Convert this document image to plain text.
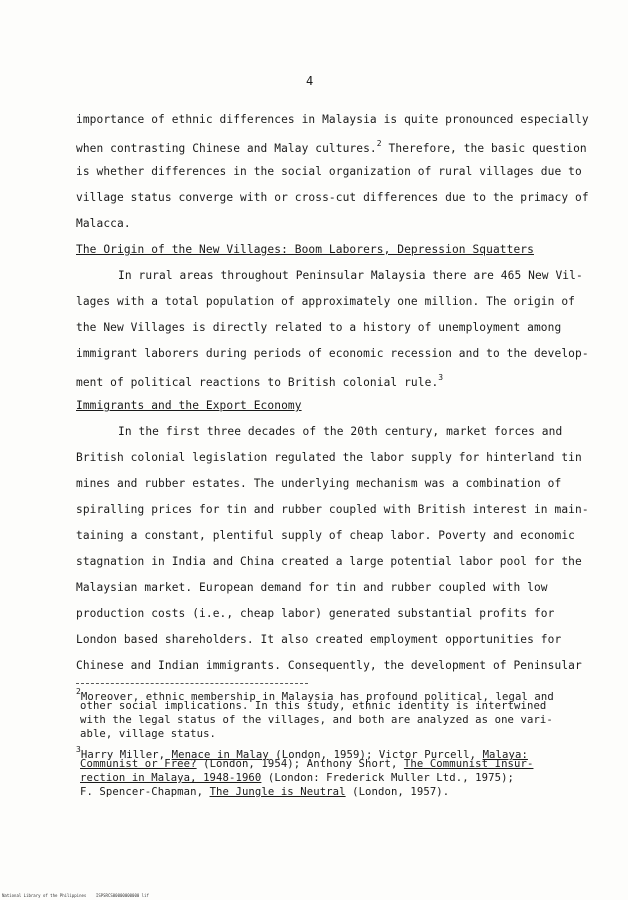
4
importance of ethnic differences in Malaysia is quite pronounced especially
when contrasting Chinese and Malay cultures.$^2$ Therefore, the basic question
is whether differences in the social organization of rural villages due to
village status converge with or cross-cut differences due to the primacy of
Malacca.
The Origin of the New Villages: Boom Laborers, Depression Squatters
In rural areas throughout Peninsular Malaysia there are 465 New Vil-
lages with a total population of approximately one million. The origin of
the New Villages is directly related to a history of unemployment among
immigrant laborers during periods of economic recession and to the develop-
ment of political reactions to British colonial rule.$^3$
Immigrants and the Export Economy
In the first three decades of the 20th century, market forces and
British colonial legislation regulated the labor supply for hinterland tin
mines and rubber estates. The underlying mechanism was a combination of
spiralling prices for tin and rubber coupled with British interest in main-
taining a constant, plentiful supply of cheap labor. Poverty and economic
stagnation in India and China created a large potential labor pool for the
Malaysian market. European demand for tin and rubber coupled with low
production costs (i.e., cheap labor) generated substantial profits for
London based shareholders. It also created employment opportunities for
Chinese and Indian immigrants. Consequently, the development of Peninsular
$^2$Moreover, ethnic membership in Malaysia has profound political, legal and
other social implications. In this study, ethnic identity is intertwined
with the legal status of the villages, and both are analyzed as one vari-
able, village status.
$^3$Harry Miller, Menace in Malay (London, 1959); Victor Purcell, Malaya:
Communist or Free? (London, 1954); Anthony Short, The Communist Insur-
rection in Malaya, 1948-1960 (London: Frederick Muller Ltd., 1975);
F. Spencer-Chapman, The Jungle is Neutral (London, 1957).
National Library of the Philippines    ISPSRCS00000000000 lif
